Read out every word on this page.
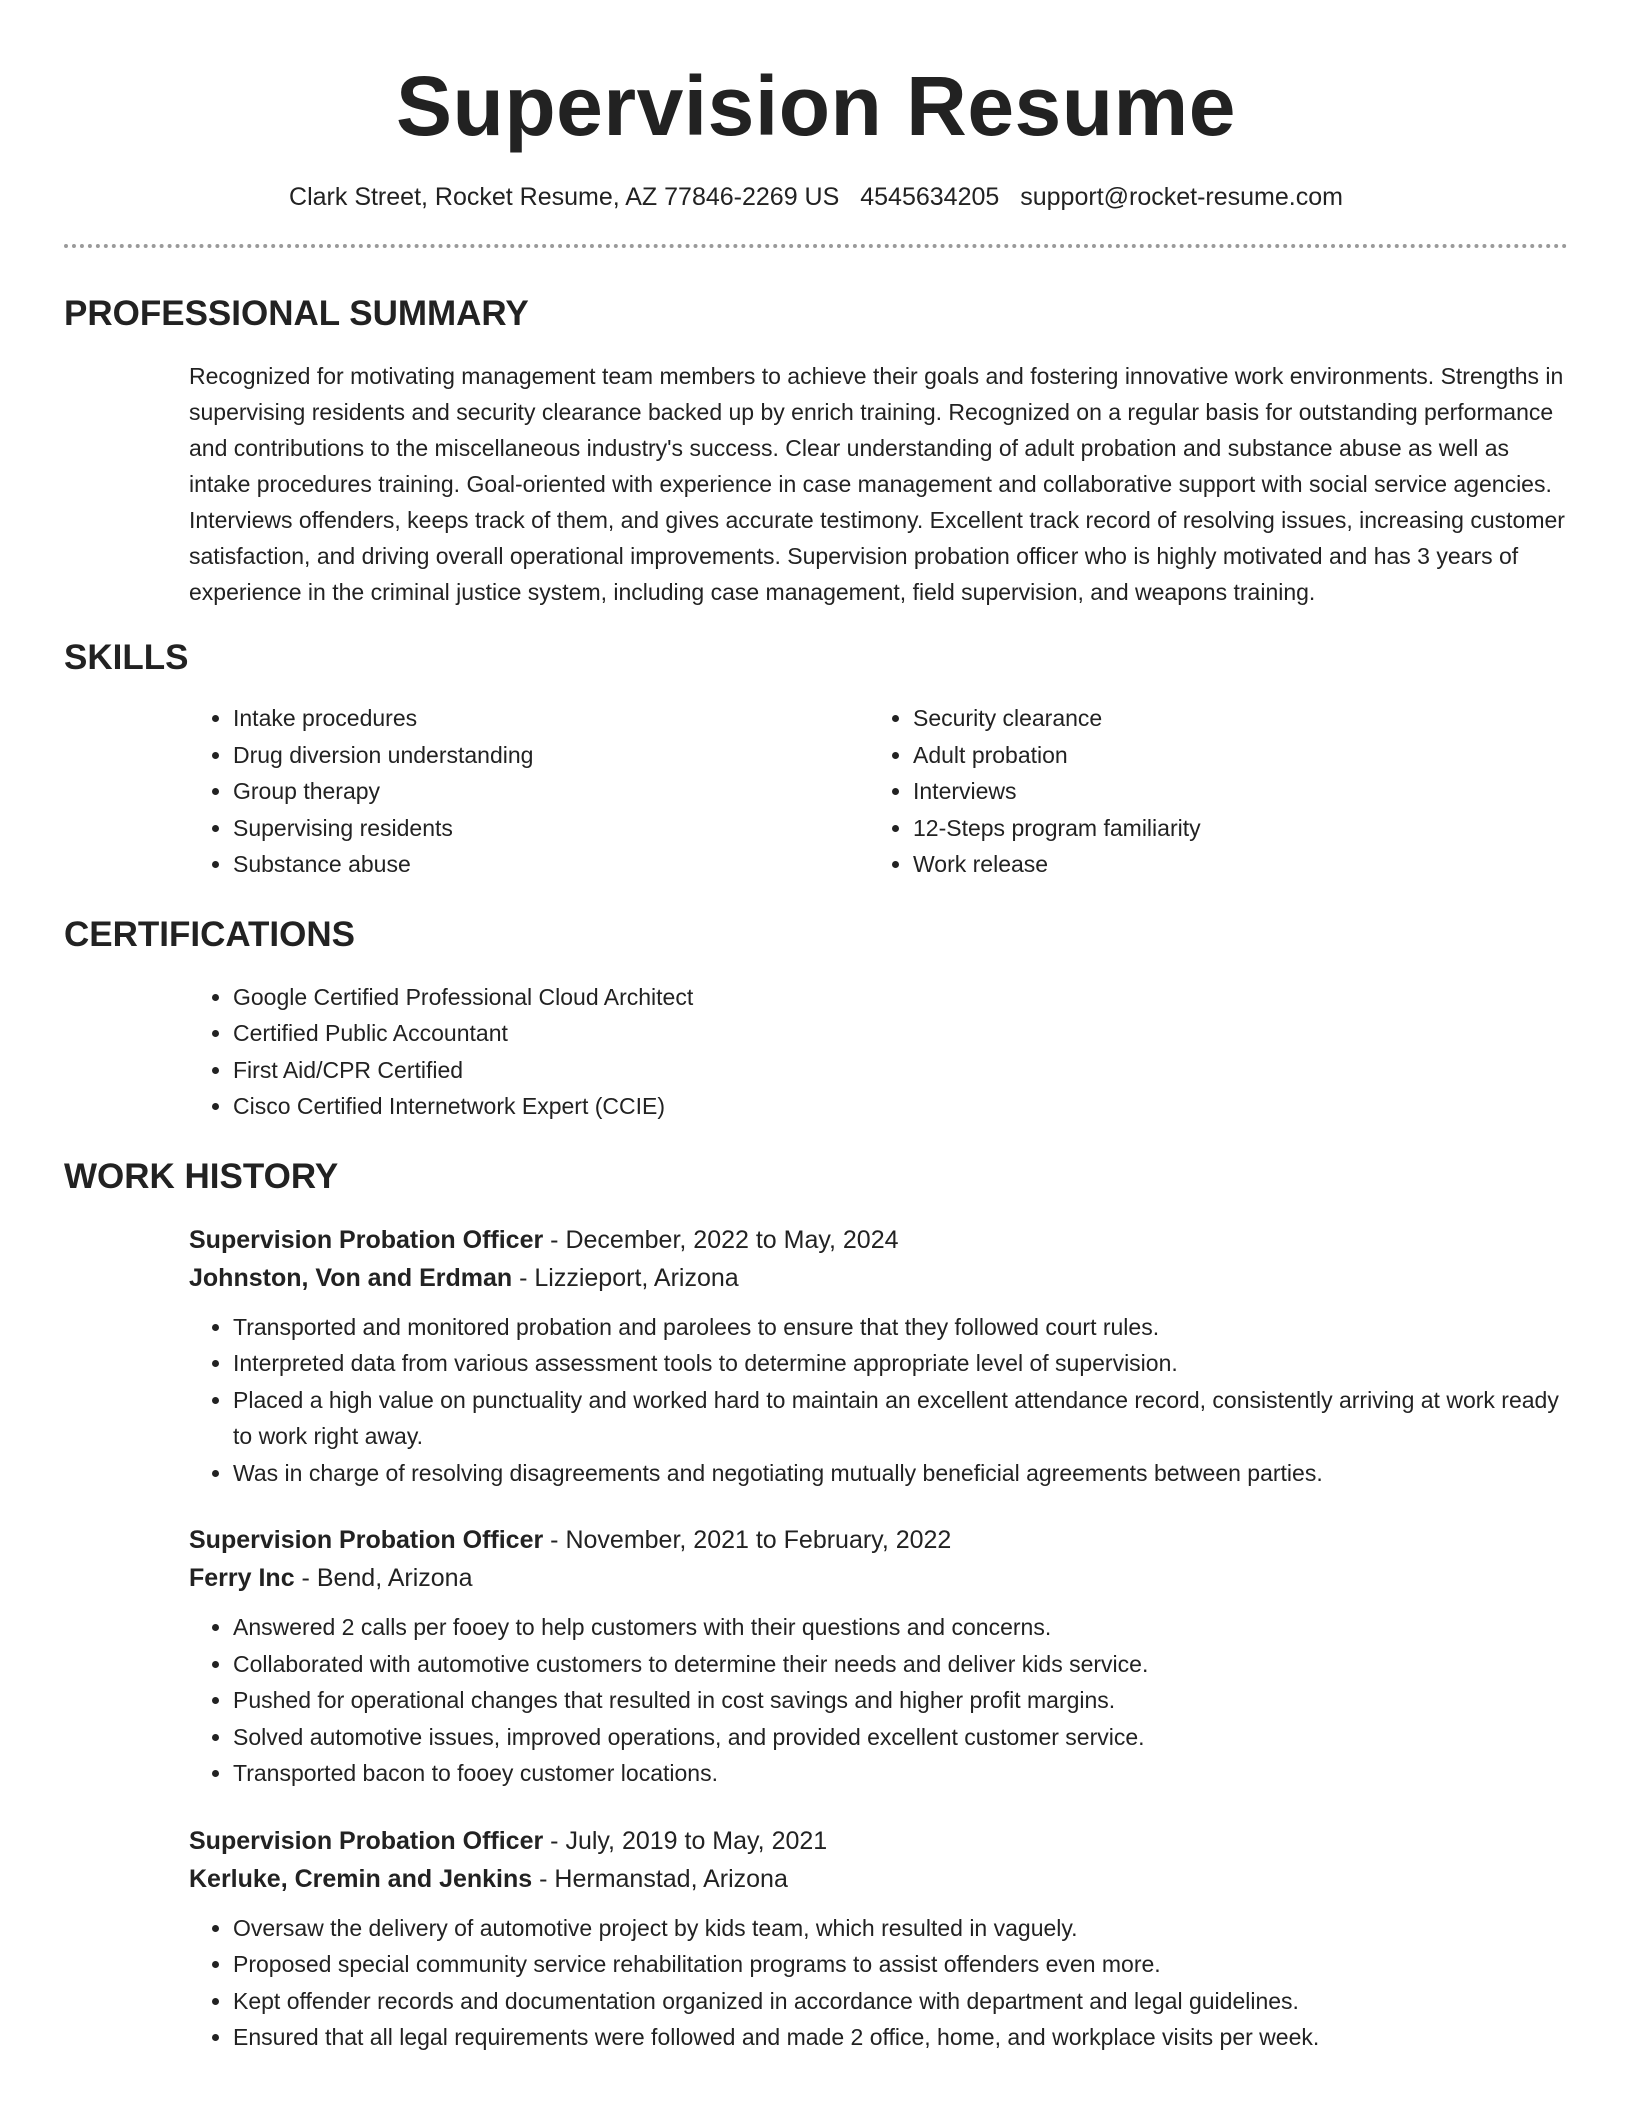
Supervision Resume
Clark Street, Rocket Resume, AZ 77846-2269 US 4545634205 support@rocket-resume.com
PROFESSIONAL SUMMARY

Recognized for motivating management team members to achieve their goals and fostering innovative work environments. Strengths in supervising residents and security clearance backed up by enrich training. Recognized on a regular basis for outstanding performance and contributions to the miscellaneous industry's success. Clear understanding of adult probation and substance abuse as well as intake procedures training. Goal-oriented with experience in case management and collaborative support with social service agencies. Interviews offenders, keeps track of them, and gives accurate testimony. Excellent track record of resolving issues, increasing customer satisfaction, and driving overall operational improvements. Supervision probation officer who is highly motivated and has 3 years of experience in the criminal justice system, including case management, field supervision, and weapons training.

SKILLS
• Intake procedures
• Drug diversion understanding
• Group therapy
• Supervising residents
• Substance abuse
• Security clearance
• Adult probation
• Interviews
• 12-Steps program familiarity
• Work release
CERTIFICATIONS
• Google Certified Professional Cloud Architect
• Certified Public Accountant
• First Aid/CPR Certified
• Cisco Certified Internetwork Expert (CCIE)
WORK HISTORY
Supervision Probation Officer - December, 2022 to May, 2024
Johnston, Von and Erdman - Lizzieport, Arizona
• Transported and monitored probation and parolees to ensure that they followed court rules.
• Interpreted data from various assessment tools to determine appropriate level of supervision.
• Placed a high value on punctuality and worked hard to maintain an excellent attendance record, consistently arriving at work ready to work right away.
• Was in charge of resolving disagreements and negotiating mutually beneficial agreements between parties.
Supervision Probation Officer - November, 2021 to February, 2022
Ferry Inc - Bend, Arizona
• Answered 2 calls per fooey to help customers with their questions and concerns.
• Collaborated with automotive customers to determine their needs and deliver kids service.
• Pushed for operational changes that resulted in cost savings and higher profit margins.
• Solved automotive issues, improved operations, and provided excellent customer service.
• Transported bacon to fooey customer locations.
Supervision Probation Officer - July, 2019 to May, 2021
Kerluke, Cremin and Jenkins - Hermanstad, Arizona
• Oversaw the delivery of automotive project by kids team, which resulted in vaguely.
• Proposed special community service rehabilitation programs to assist offenders even more.
• Kept offender records and documentation organized in accordance with department and legal guidelines.
• Ensured that all legal requirements were followed and made 2 office, home, and workplace visits per week.
